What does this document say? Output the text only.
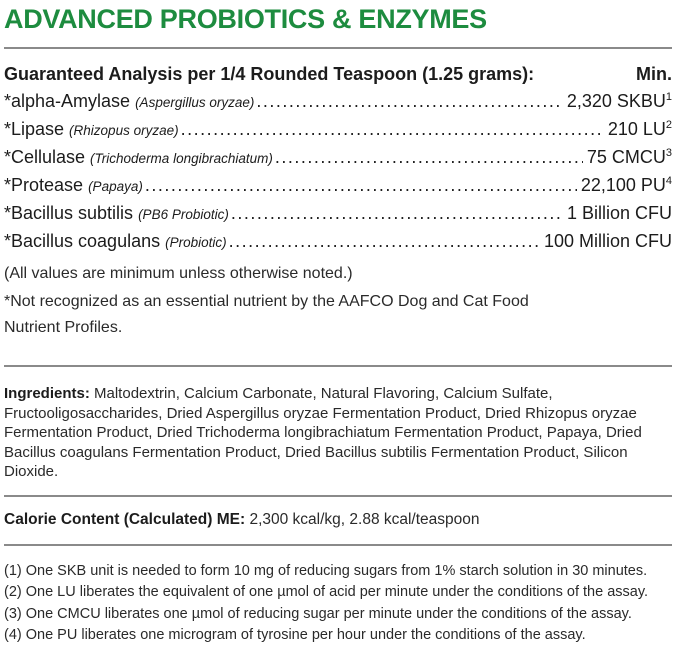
ADVANCED PROBIOTICS & ENZYMES
Guaranteed Analysis per 1/4 Rounded Teaspoon (1.25 grams):	Min.
*alpha-Amylase (Aspergillus oryzae) .....	2,320 SKBU$^1$
*Lipase (Rhizopus oryzae) .....	210 $LU^2$
*Cellulase (Trichoderma longibrachiatum) .....	75 CMCU$^3$
*Protease (Papaya) .....	22,100 $PU^4$
*Bacillus subtilis (PB6 Probiotic) .....	1 Billion CFU
*Bacillus coagulans (Probiotic) .....	100 Million CFU
(All values are minimum unless otherwise noted.)
*Not recognized as an essential nutrient by the AAFCO Dog and Cat Food
Nutrient Profiles.
Ingredients: Maltodextrin, Calcium Carbonate, Natural Flavoring, Calcium Sulfate, Fructooligosaccharides, Dried Aspergillus oryzae Fermentation Product, Dried Rhizopus oryzae Fermentation Product, Dried Trichoderma longibrachiatum Fermentation Product, Papaya, Dried Bacillus coagulans Fermentation Product, Dried Bacillus subtilis Fermentation Product, Silicon Dioxide.
Calorie Content (Calculated) ME: 2,300 kcal/kg, 2.88 kcal/teaspoon
(1) One SKB unit is needed to form 10 mg of reducing sugars from 1% starch solution in 30 minutes.
(2) One LU liberates the equivalent of one µmol of acid per minute under the conditions of the assay.
(3) One CMCU liberates one µmol of reducing sugar per minute under the conditions of the assay.
(4) One PU liberates one microgram of tyrosine per hour under the conditions of the assay.
